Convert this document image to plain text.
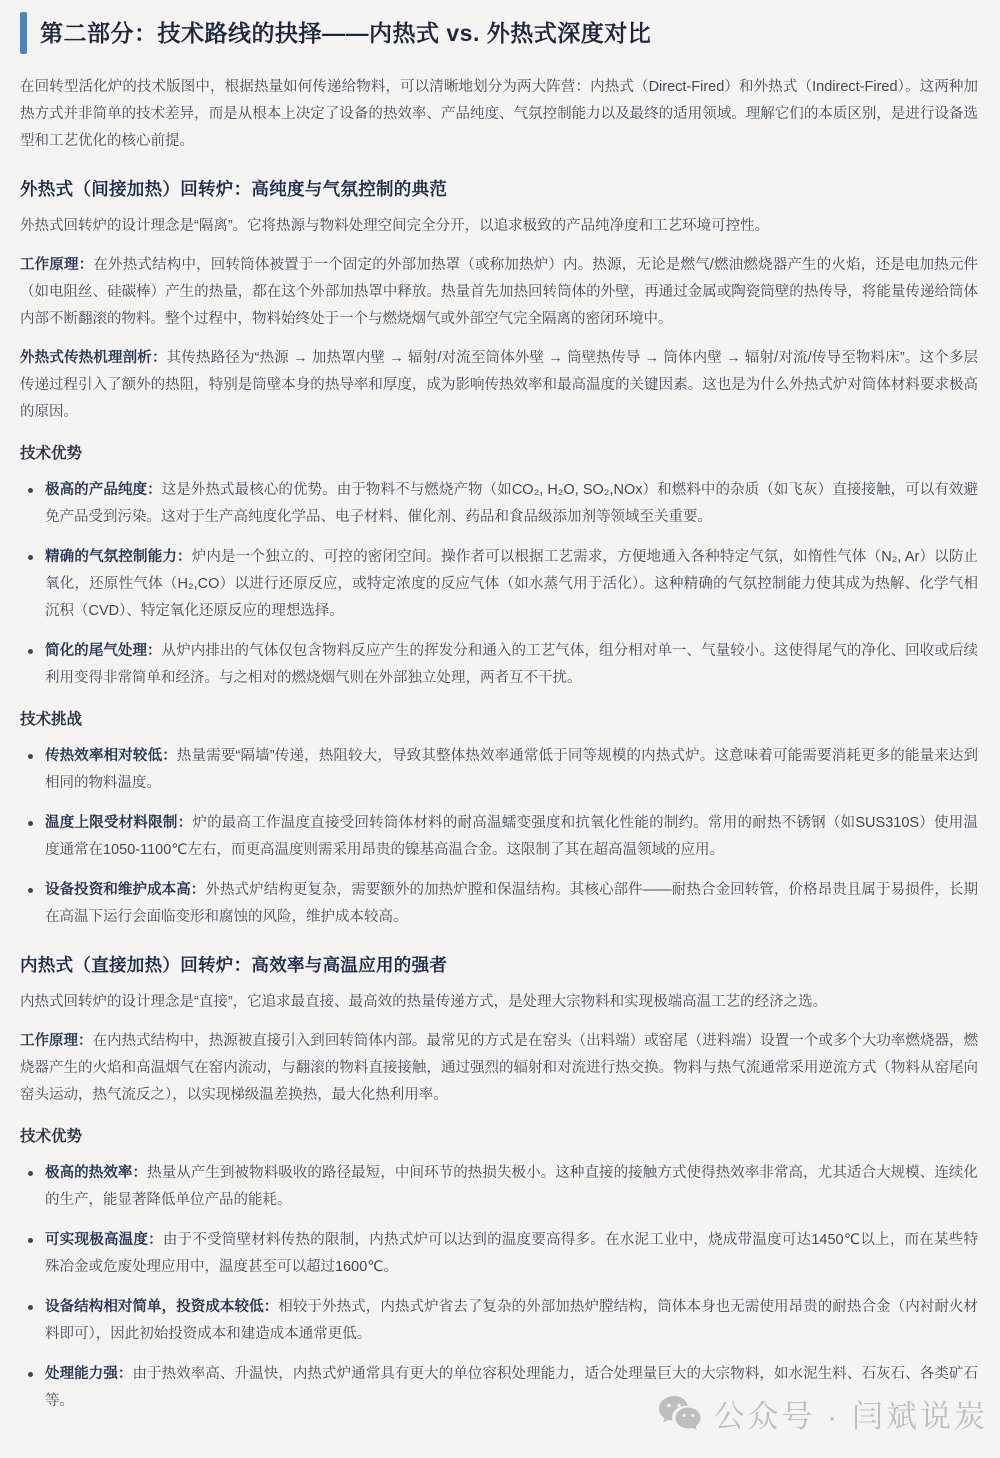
第二部分：技术路线的抉择——内热式 vs. 外热式深度对比

在回转型活化炉的技术版图中，根据热量如何传递给物料，可以清晰地划分为两大阵营：内热式（Direct-Fired）和外热式（Indirect-Fired）。这两种加热方式并非简单的技术差异，而是从根本上决定了设备的热效率、产品纯度、气氛控制能力以及最终的适用领域。理解它们的本质区别，是进行设备选型和工艺优化的核心前提。

外热式（间接加热）回转炉：高纯度与气氛控制的典范

外热式回转炉的设计理念是“隔离”。它将热源与物料处理空间完全分开，以追求极致的产品纯净度和工艺环境可控性。

工作原理：在外热式结构中，回转筒体被置于一个固定的外部加热罩（或称加热炉）内。热源，无论是燃气/燃油燃烧器产生的火焰，还是电加热元件（如电阻丝、硅碳棒）产生的热量，都在这个外部加热罩中释放。热量首先加热回转筒体的外壁，再通过金属或陶瓷筒壁的热传导，将能量传递给筒体内部不断翻滚的物料。整个过程中，物料始终处于一个与燃烧烟气或外部空气完全隔离的密闭环境中。

外热式传热机理剖析：其传热路径为“热源 → 加热罩内壁 → 辐射/对流至筒体外壁 → 筒壁热传导 → 筒体内壁 → 辐射/对流/传导至物料床”。这个多层传递过程引入了额外的热阻，特别是筒壁本身的热导率和厚度，成为影响传热效率和最高温度的关键因素。这也是为什么外热式炉对筒体材料要求极高的原因。

技术优势
极高的产品纯度：这是外热式最核心的优势。由于物料不与燃烧产物（如CO₂, H₂O, SO₂,NOx）和燃料中的杂质（如飞灰）直接接触，可以有效避免产品受到污染。这对于生产高纯度化学品、电子材料、催化剂、药品和食品级添加剂等领域至关重要。
精确的气氛控制能力：炉内是一个独立的、可控的密闭空间。操作者可以根据工艺需求，方便地通入各种特定气氛，如惰性气体（N₂, Ar）以防止氧化，还原性气体（H₂,CO）以进行还原反应，或特定浓度的反应气体（如水蒸气用于活化）。这种精确的气氛控制能力使其成为热解、化学气相沉积（CVD）、特定氧化还原反应的理想选择。
简化的尾气处理：从炉内排出的气体仅包含物料反应产生的挥发分和通入的工艺气体，组分相对单一、气量较小。这使得尾气的净化、回收或后续利用变得非常简单和经济。与之相对的燃烧烟气则在外部独立处理，两者互不干扰。
技术挑战
传热效率相对较低：热量需要“隔墙”传递，热阻较大，导致其整体热效率通常低于同等规模的内热式炉。这意味着可能需要消耗更多的能量来达到相同的物料温度。
温度上限受材料限制：炉的最高工作温度直接受回转筒体材料的耐高温蠕变强度和抗氧化性能的制约。常用的耐热不锈钢（如SUS310S）使用温度通常在1050-1100℃左右，而更高温度则需采用昂贵的镍基高温合金。这限制了其在超高温领域的应用。
设备投资和维护成本高：外热式炉结构更复杂，需要额外的加热炉膛和保温结构。其核心部件——耐热合金回转管，价格昂贵且属于易损件，长期在高温下运行会面临变形和腐蚀的风险，维护成本较高。
内热式（直接加热）回转炉：高效率与高温应用的强者

内热式回转炉的设计理念是“直接”，它追求最直接、最高效的热量传递方式，是处理大宗物料和实现极端高温工艺的经济之选。

工作原理：在内热式结构中，热源被直接引入到回转筒体内部。最常见的方式是在窑头（出料端）或窑尾（进料端）设置一个或多个大功率燃烧器，燃烧器产生的火焰和高温烟气在窑内流动，与翻滚的物料直接接触，通过强烈的辐射和对流进行热交换。物料与热气流通常采用逆流方式（物料从窑尾向窑头运动，热气流反之），以实现梯级温差换热，最大化热利用率。

技术优势
极高的热效率：热量从产生到被物料吸收的路径最短，中间环节的热损失极小。这种直接的接触方式使得热效率非常高，尤其适合大规模、连续化的生产，能显著降低单位产品的能耗。
可实现极高温度：由于不受筒壁材料传热的限制，内热式炉可以达到的温度要高得多。在水泥工业中，烧成带温度可达1450℃以上，而在某些特殊冶金或危废处理应用中，温度甚至可以超过1600℃。
设备结构相对简单，投资成本较低：相较于外热式，内热式炉省去了复杂的外部加热炉膛结构，筒体本身也无需使用昂贵的耐热合金（内衬耐火材料即可），因此初始投资成本和建造成本通常更低。
处理能力强：由于热效率高、升温快，内热式炉通常具有更大的单位容积处理能力，适合处理量巨大的大宗物料，如水泥生料、石灰石、各类矿石等。	公众号 · 闫斌说炭
